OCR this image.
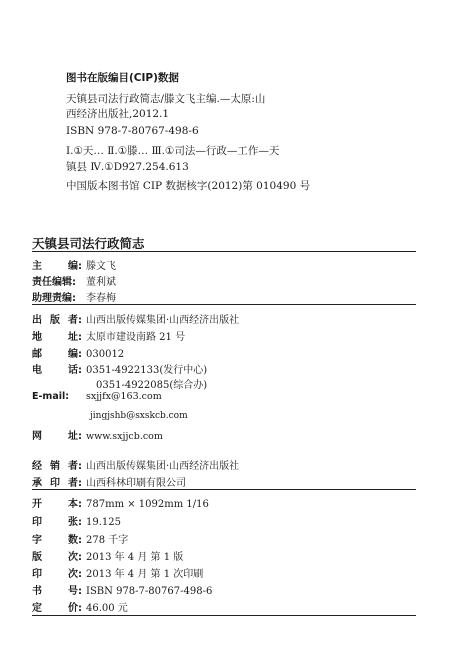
图书在版编目(CIP)数据
天镇县司法行政简志/滕文飞主编.—太原:山
西经济出版社,2012.1
ISBN 978-7-80767-498-6
Ⅰ.①天… Ⅱ.①滕… Ⅲ.①司法—行政—工作—天
镇县 Ⅳ.①D927.254.613
中国版本图书馆 CIP 数据核字(2012)第 010490 号
天镇县司法行政简志
主	编 : 滕文飞
责任编辑:	董利斌
助理责编:	李春梅
出 版 者 : 山西出版传媒集团·山西经济出版社
地	址 : 太原市建设南路 21 号
邮	编 : 030012
电	话 : 0351-4922133(发行中心)
0351-4922085(综合办)
E-mail:	sxjjfx@163.com
jingjshb@sxskcb.com
网	址 : www.sxjjcb.com
经 销 者 : 山西出版传媒集团·山西经济出版社
承 印 者 : 山西科林印刷有限公司
开	本 : 787mm × 1092mm 1/16
印	张 : 19.125
字	数 : 278 千字
版	次 : 2013 年 4 月 第 1 版
印	次 : 2013 年 4 月 第 1 次印刷
书	号 : ISBN 978-7-80767-498-6
定	价 : 46.00 元
